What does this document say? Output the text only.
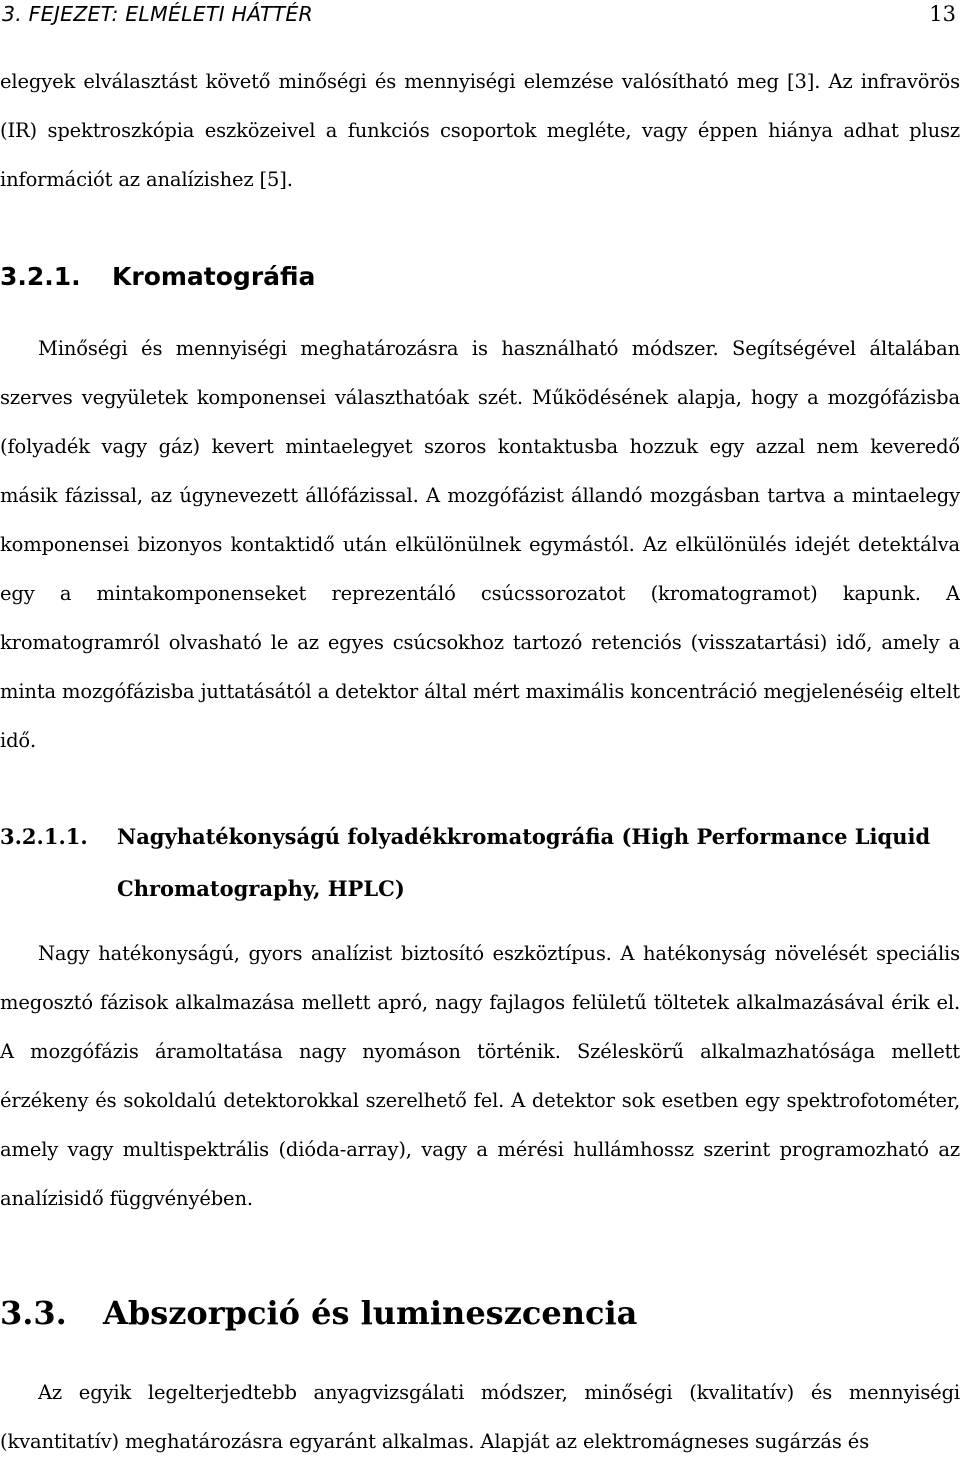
3. FEJEZET: ELMÉLETI HÁTTÉR	13

elegyek elválasztást követő minőségi és mennyiségi elemzése valósítható meg [3]. Az infravörös (IR) spektroszkópia eszközeivel a funkciós csoportok megléte, vagy éppen hiánya adhat plusz információt az analízishez [5].

3.2.1. Kromatográfia

Minőségi és mennyiségi meghatározásra is használható módszer. Segítségével általában szerves vegyületek komponensei választhatóak szét. Működésének alapja, hogy a mozgófázisba (folyadék vagy gáz) kevert mintaelegyet szoros kontaktusba hozzuk egy azzal nem keveredő másik fázissal, az úgynevezett állófázissal. A mozgófázist állandó mozgásban tartva a mintaelegy komponensei bizonyos kontaktidő után elkülönülnek egymástól. Az elkülönülés idejét detektálva egy a mintakomponenseket reprezentáló csúcssorozatot (kromatogramot) kapunk. A kromatogramról olvasható le az egyes csúcsokhoz tartozó retenciós (visszatartási) idő, amely a minta mozgófázisba juttatásától a detektor által mért maximális koncentráció megjelenéséig eltelt idő.

3.2.1.1.	Nagyhatékonyságú folyadékkromatográfia (High Performance Liquid Chromatography, HPLC)

Nagy hatékonyságú, gyors analízist biztosító eszköztípus. A hatékonyság növelését speciális megosztó fázisok alkalmazása mellett apró, nagy fajlagos felületű töltetek alkalmazásával érik el. A mozgófázis áramoltatása nagy nyomáson történik. Széleskörű alkalmazhatósága mellett érzékeny és sokoldalú detektorokkal szerelhető fel. A detektor sok esetben egy spektrofotométer, amely vagy multispektrális (dióda-array), vagy a mérési hullámhossz szerint programozható az analízisidő függvényében.

3.3. Abszorpció és lumineszcencia

Az egyik legelterjedtebb anyagvizsgálati módszer, minőségi (kvalitatív) és mennyiségi (kvantitatív) meghatározásra egyaránt alkalmas. Alapját az elektromágneses sugárzás és
